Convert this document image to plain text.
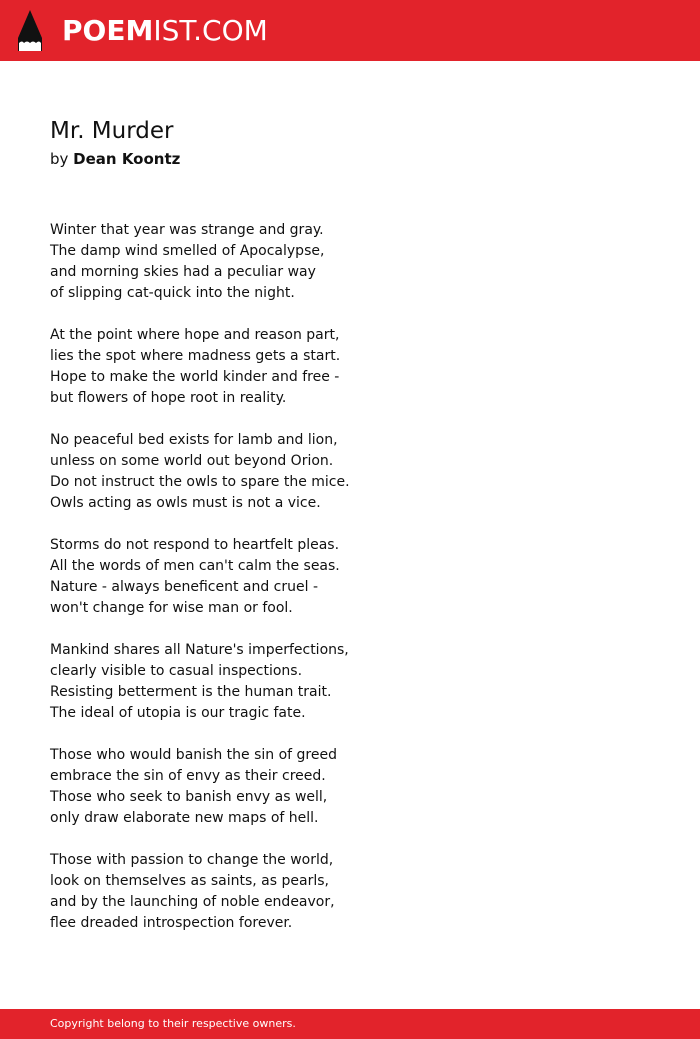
POEMIST.COM
Mr. Murder

by Dean Koontz

Winter that year was strange and gray.
The damp wind smelled of Apocalypse,
and morning skies had a peculiar way
of slipping cat-quick into the night.
At the point where hope and reason part,
lies the spot where madness gets a start.
Hope to make the world kinder and free -
but flowers of hope root in reality.
No peaceful bed exists for lamb and lion,
unless on some world out beyond Orion.
Do not instruct the owls to spare the mice.
Owls acting as owls must is not a vice.
Storms do not respond to heartfelt pleas.
All the words of men can't calm the seas.
Nature - always beneficent and cruel -
won't change for wise man or fool.
Mankind shares all Nature's imperfections,
clearly visible to casual inspections.
Resisting betterment is the human trait.
The ideal of utopia is our tragic fate.
Those who would banish the sin of greed
embrace the sin of envy as their creed.
Those who seek to banish envy as well,
only draw elaborate new maps of hell.
Those with passion to change the world,
look on themselves as saints, as pearls,
and by the launching of noble endeavor,
flee dreaded introspection forever.
Copyright belong to their respective owners.
